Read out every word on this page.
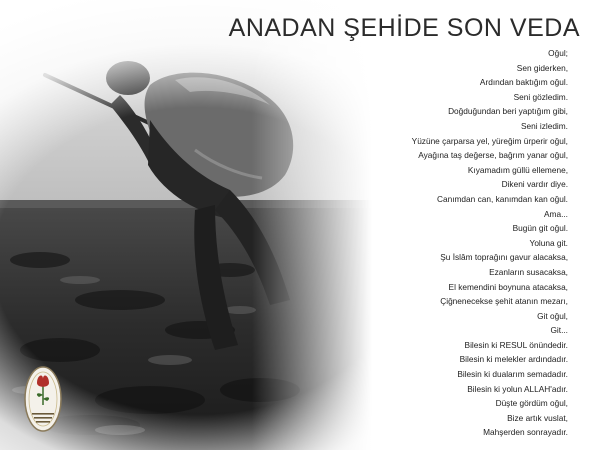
ANADAN ŞEHİDE SON VEDA
Oğul;
Sen giderken,
Ardından baktığım oğul.
Seni gözledim.
Doğduğundan beri yaptığım gibi,
Seni izledim.
Yüzüne çarparsa yel, yüreğim ürperir oğul,
Ayağına taş değerse, bağrım yanar oğul,
Kıyamadım güllü ellemene,
Dikeni vardır diye.
Canımdan can, kanımdan kan oğul.
Ama...
Bugün git oğul.
Yoluna git.
Şu İslâm toprağını gavur alacaksa,
Ezanların susacaksa,
El kemendini boynuna atacaksa,
Çiğnenecekse şehit atanın mezarı,
Git oğul,
Git...
Bilesin ki RESUL önündedir.
Bilesin ki melekler ardındadır.
Bilesin ki dualarım semadadır.
Bilesin ki yolun ALLAH'adır.
Düşte gördüm oğul,
Bize artık vuslat,
Mahşerden sonrayadır.
